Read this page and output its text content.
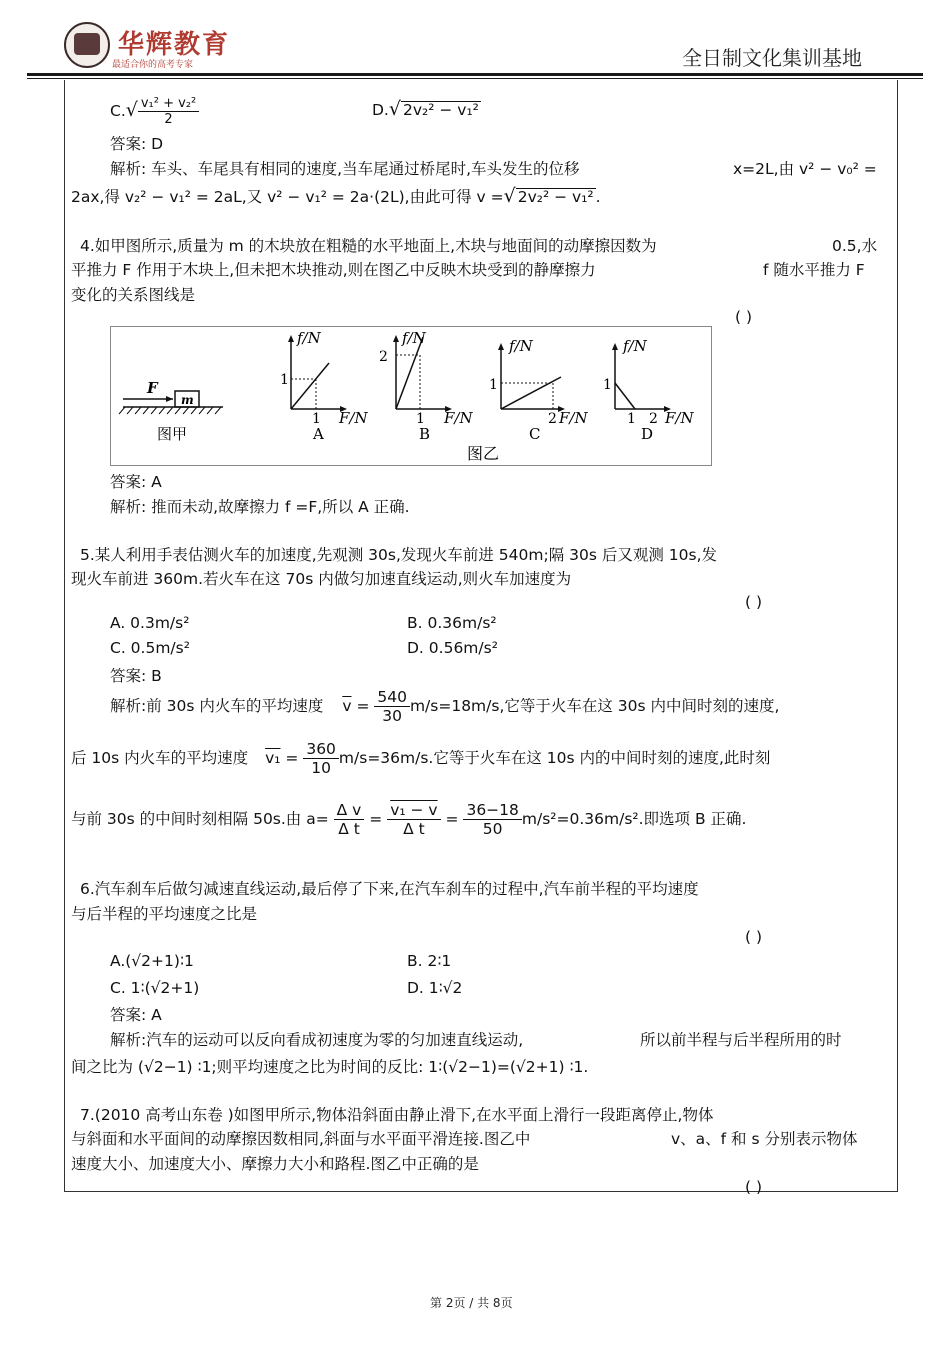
华辉教育
最适合你的高考专家	全日制文化集训基地
$C.√ \frac{\text{v₁² + v₂²}}{2}$	D.√ 2v₂² − v₁²
答案: D
解析: 车头、车尾具有相同的速度,当车尾通过桥尾时,车头发生的位移	x=2L,由 v² − v₀² =
2ax,得 v₂² − v₁² = 2aL,又 v² − v₁² = 2a·(2L),由此可得 v =√ 2v₂² − v₁² .
4.如甲图所示,质量为 m 的木块放在粗糙的水平地面上,木块与地面间的动摩擦因数为	0.5,水
平推力 F 作用于木块上,但未把木块推动,则在图乙中反映木块受到的静摩擦力	f 随水平推力 F
变化的关系图线是
( )
F
m
图甲
f/N
F/N
1
1
A
f/N
F/N
2
1
B
f/N
F/N
1
2
C
f/N
F/N
1
1 2
D
图乙
答案: A
解析: 推而未动,故摩擦力 f =F,所以 A 正确.
5.某人利用手表估测火车的加速度,先观测 30s,发现火车前进 540m;隔 30s 后又观测 10s,发
现火车前进 360m.若火车在这 70s 内做匀加速直线运动,则火车加速度为
( )
A. 0.3m/s²	B. 0.36m/s²
C. 0.5m/s²	D. 0.56m/s²
答案: B
解析:前 30s 内火车的平均速度 $\overline{v} = \frac{540}{30} m/s=18m/s$,它等于火车在这 30s 内中间时刻的速度,
后 10s 内火车的平均速度 $v_1 = \frac{360}{10} m/s=36m/s$.它等于火车在这 10s 内的中间时刻的速度,此时刻
与前 30s 的中间时刻相隔 50s.由 $a= \frac{\text{Δ v}}{\text{Δ t}} = \frac{\text{v₁ − v}}{\text{Δ t}} = \frac{36-18}{50} m/s^2=0.36m/s^2$.即选项 B 正确.
6.汽车刹车后做匀减速直线运动,最后停了下来,在汽车刹车的过程中,汽车前半程的平均速度
与后半程的平均速度之比是
( )
A.(√2+1)∶1	B. 2∶1
C. 1∶(√2+1)	D. 1∶√2
答案: A
解析:汽车的运动可以反向看成初速度为零的匀加速直线运动,	所以前半程与后半程所用的时
间之比为 (√2−1) ∶1;则平均速度之比为时间的反比: 1∶(√2−1)=(√2+1) ∶1.
7.(2010 高考山东卷 )如图甲所示,物体沿斜面由静止滑下,在水平面上滑行一段距离停止,物体
与斜面和水平面间的动摩擦因数相同,斜面与水平面平滑连接.图乙中	v、a、f 和 s 分别表示物体
速度大小、加速度大小、摩擦力大小和路程.图乙中正确的是
( )
第 2页 / 共 8页
